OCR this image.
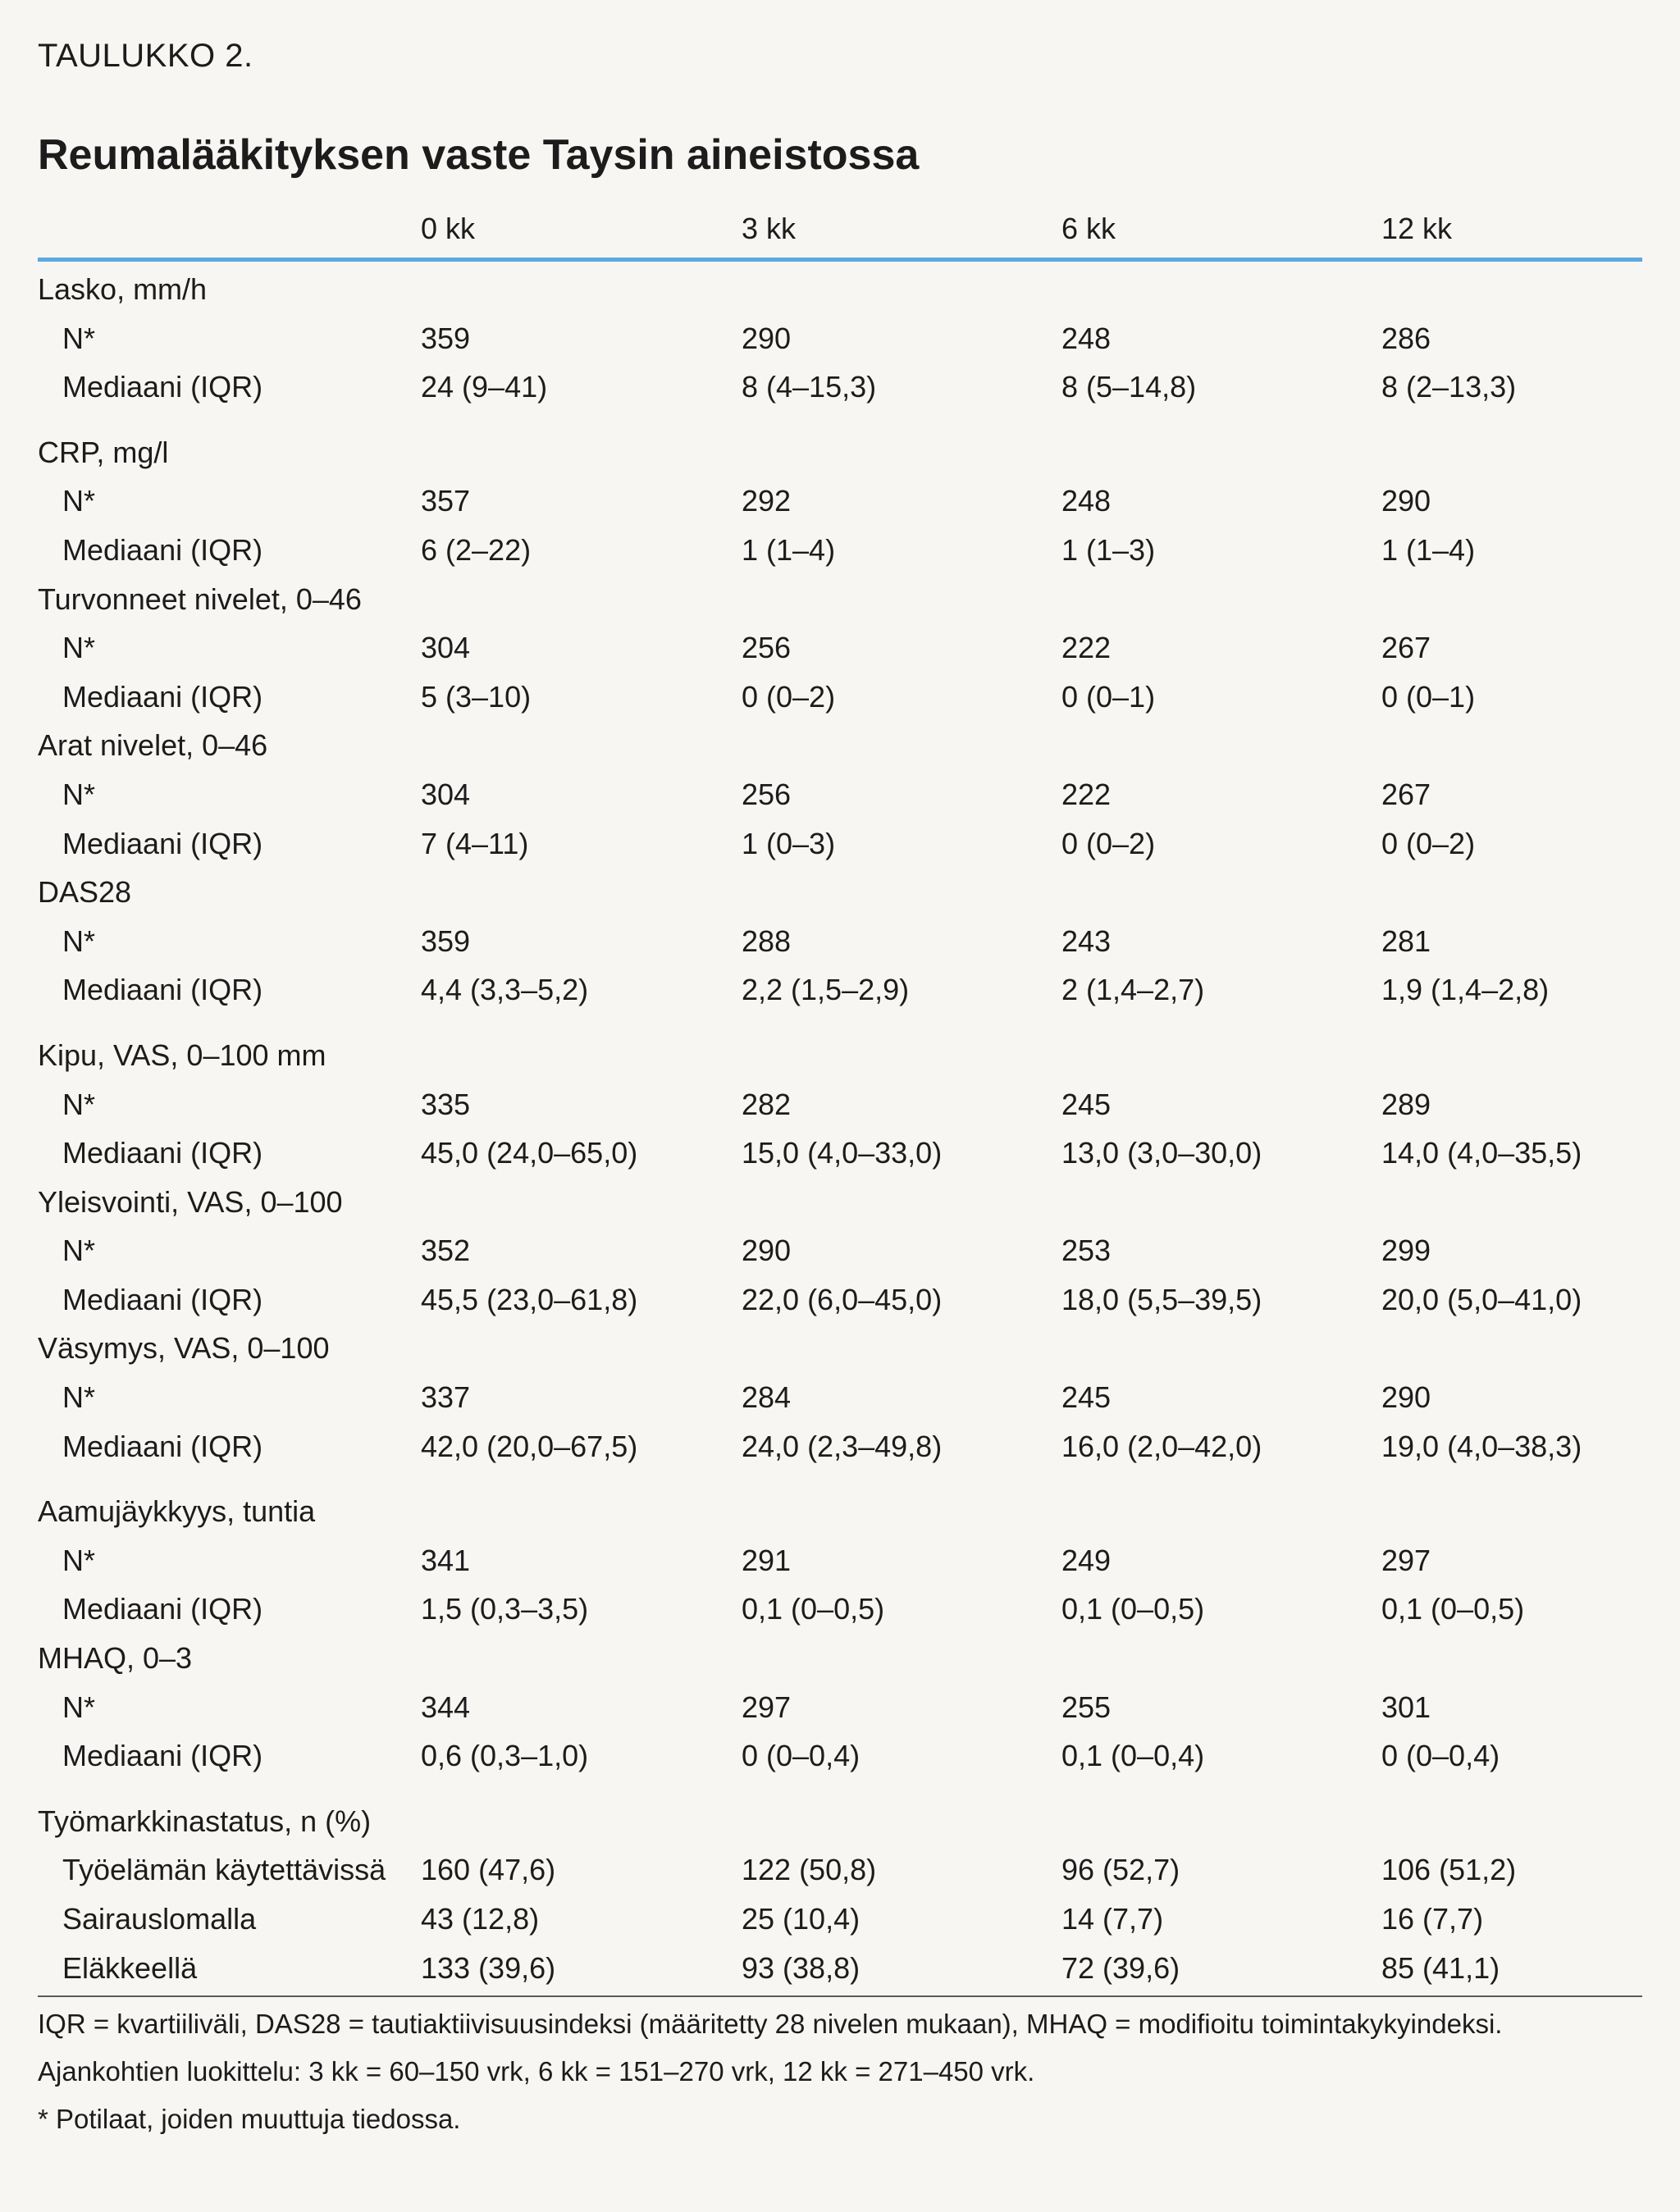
TAULUKKO 2.
Reumalääkityksen vaste Taysin aineistossa
0 kk	3 kk	6 kk	12 kk
Lasko, mm/h
N*	359	290	248	286
Mediaani (IQR)	24 (9–41)	8 (4–15,3)	8 (5–14,8)	8 (2–13,3)
CRP, mg/l
N*	357	292	248	290
Mediaani (IQR)	6 (2–22)	1 (1–4)	1 (1–3)	1 (1–4)
Turvonneet nivelet, 0–46
N*	304	256	222	267
Mediaani (IQR)	5 (3–10)	0 (0–2)	0 (0–1)	0 (0–1)
Arat nivelet, 0–46
N*	304	256	222	267
Mediaani (IQR)	7 (4–11)	1 (0–3)	0 (0–2)	0 (0–2)
DAS28
N*	359	288	243	281
Mediaani (IQR)	4,4 (3,3–5,2)	2,2 (1,5–2,9)	2 (1,4–2,7)	1,9 (1,4–2,8)
Kipu, VAS, 0–100 mm
N*	335	282	245	289
Mediaani (IQR)	45,0 (24,0–65,0)	15,0 (4,0–33,0)	13,0 (3,0–30,0)	14,0 (4,0–35,5)
Yleisvointi, VAS, 0–100
N*	352	290	253	299
Mediaani (IQR)	45,5 (23,0–61,8)	22,0 (6,0–45,0)	18,0 (5,5–39,5)	20,0 (5,0–41,0)
Väsymys, VAS, 0–100
N*	337	284	245	290
Mediaani (IQR)	42,0 (20,0–67,5)	24,0 (2,3–49,8)	16,0 (2,0–42,0)	19,0 (4,0–38,3)
Aamujäykkyys, tuntia
N*	341	291	249	297
Mediaani (IQR)	1,5 (0,3–3,5)	0,1 (0–0,5)	0,1 (0–0,5)	0,1 (0–0,5)
MHAQ, 0–3
N*	344	297	255	301
Mediaani (IQR)	0,6 (0,3–1,0)	0 (0–0,4)	0,1 (0–0,4)	0 (0–0,4)
Työmarkkinastatus, n (%)
Työelämän käytettävissä 160 (47,6)	122 (50,8)	96 (52,7)	106 (51,2)
Sairauslomalla	43 (12,8)	25 (10,4)	14 (7,7)	16 (7,7)
Eläkkeellä	133 (39,6)	93 (38,8)	72 (39,6)	85 (41,1)

IQR = kvartiiliväli, DAS28 = tautiaktiivisuusindeksi (määritetty 28 nivelen mukaan), MHAQ = modifioitu toimintakykyindeksi.

Ajankohtien luokittelu: 3 kk = 60–150 vrk, 6 kk = 151–270 vrk, 12 kk = 271–450 vrk.

* Potilaat, joiden muuttuja tiedossa.
